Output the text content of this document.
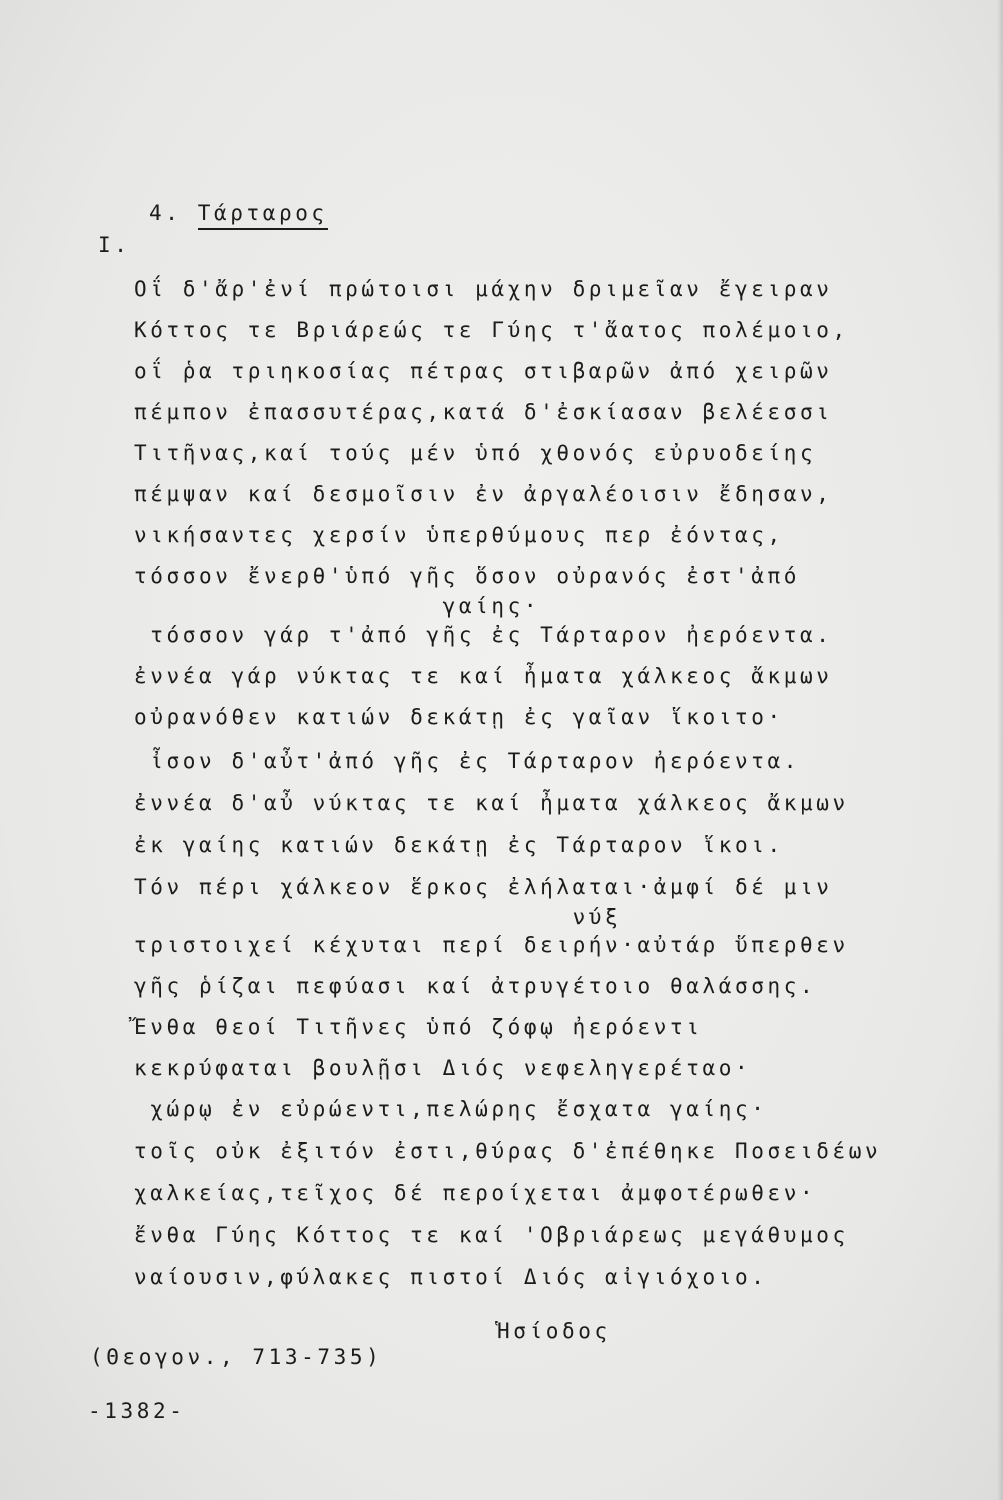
4. Τάρταρος

Ι.
Οΐ δ'ἄρ'ἐνί πρώτοισι μάχην δριμεῖαν ἔγειραν
Κόττος τε Βριάρεώς τε Γύης τ'ἄατος πολέμοιο,
οΐ ῥα τριηκοσίας πέτρας στιβαρῶν ἀπό χειρῶν
πέμπον ἐπασσυτέρας,κατά δ'ἐσκίασαν βελέεσσι
Τιτῆνας,καί τούς μέν ὑπό χθονός εὐρυοδείης
πέμψαν καί δεσμοῖσιν ἐν ἀργαλέοισιν ἔδησαν,
νικήσαντες χερσίν ὑπερθύμους περ ἐόντας,
τόσσον ἔνερθ'ὑπό γῆς ὅσον οὐρανός ἐστ'ἀπό
γαίης·
τόσσον γάρ τ'ἀπό γῆς ἐς Τάρταρον ἠερόεντα.
ἐννέα γάρ νύκτας τε καί ἦματα χάλκεος ἄκμων
οὐρανόθεν κατιών δεκάτῃ ἐς γαῖαν ἵκοιτο·
ἶσον δ'αὖτ'ἀπό γῆς ἐς Τάρταρον ἠερόεντα.
ἐννέα δ'αὖ νύκτας τε καί ἦματα χάλκεος ἄκμων
ἐκ γαίης κατιών δεκάτῃ ἐς Τάρταρον ἵκοι.
Τόν πέρι χάλκεον ἕρκος ἐλήλαται·ἀμφί δέ μιν
νύξ
τριστοιχεί κέχυται περί δειρήν·αὐτάρ ὕπερθεν
γῆς ῥίζαι πεφύασι καί ἀτρυγέτοιο θαλάσσης.
Ἔνθα θεοί Τιτῆνες ὑπό ζόφῳ ἠερόεντι
κεκρύφαται βουλῇσι Διός νεφεληγερέταο·
χώρῳ ἐν εὐρώεντι,πελώρης ἔσχατα γαίης·
τοῖς οὐκ ἐξιτόν ἐστι,θύρας δ'ἐπέθηκε Ποσειδέων
χαλκείας,τεῖχος δέ περοίχεται ἀμφοτέρωθεν·
ἔνθα Γύης Κόττος τε καί 'Οβριάρεως μεγάθυμος
ναίουσιν,φύλακες πιστοί Διός αἰγιόχοιο.
Ἡσίοδος
(Θεογον., 713-735)
-1382-
